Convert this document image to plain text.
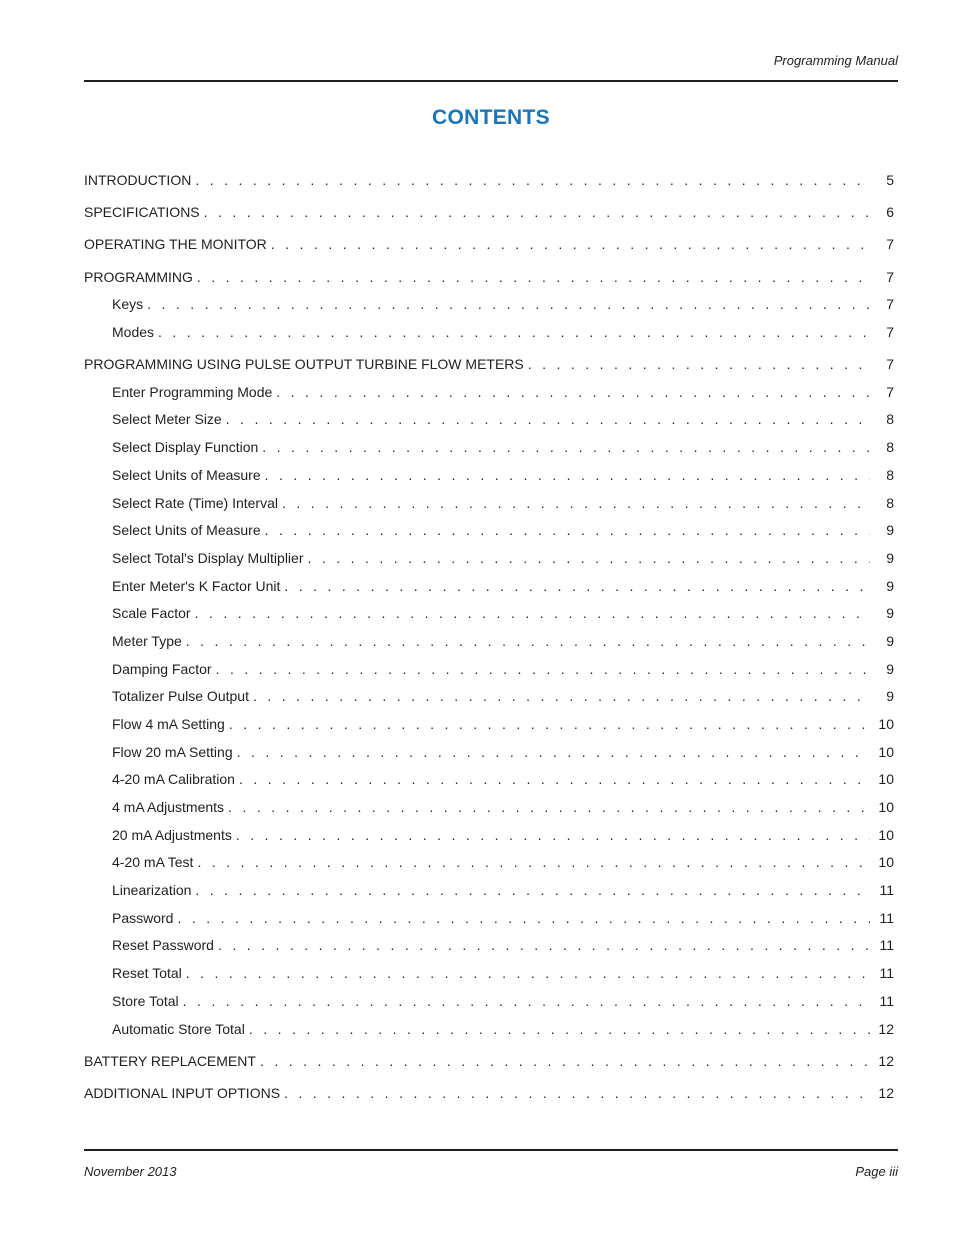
Programming Manual
CONTENTS
INTRODUCTION . . .	5
SPECIFICATIONS . . .	6
OPERATING THE MONITOR . . .	7
PROGRAMMING . . .	7
Keys . . .	7
Modes . . .	7
PROGRAMMING USING PULSE OUTPUT TURBINE FLOW METERS . . .	7
Enter Programming Mode . . .	7
Select Meter Size . . .	8
Select Display Function . . .	8
Select Units of Measure . . .	8
Select Rate (Time) Interval . . .	8
Select Units of Measure . . .	9
Select Total's Display Multiplier . . .	9
Enter Meter's K Factor Unit . . .	9
Scale Factor . . .	9
Meter Type . . .	9
Damping Factor . . .	9
Totalizer Pulse Output . . .	9
Flow 4 mA Setting . . .	10
Flow 20 mA Setting . . .	10
4-20 mA Calibration . . .	10
4 mA Adjustments . . .	10
20 mA Adjustments . . .	10
4-20 mA Test . . .	10
Linearization . . .	11
Password . . .	11
Reset Password . . .	11
Reset Total . . .	11
Store Total . . .	11
Automatic Store Total . . .	12
BATTERY REPLACEMENT . . .	12
ADDITIONAL INPUT OPTIONS . . .	12
November 2013	Page iii
